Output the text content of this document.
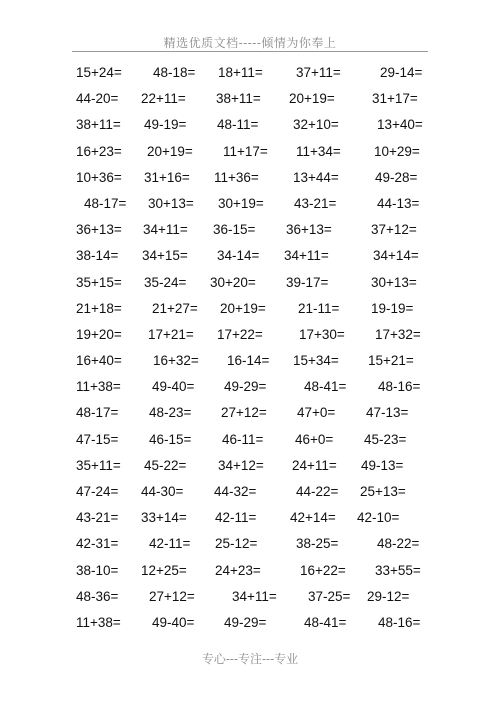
精选优质文档-----倾情为你奉上
15+24= 48-18= 18+11= 37+11=	29-14=
44-20= 22+11= 38+11= 20+19=	31+17=
38+11= 49-19= 48-11=	32+10=	13+40=
16+23= 20+19= 11+17= 11+34= 10+29=
10+36= 31+16= 11+36=	13+44=	49-28=
48-17= 30+13= 30+19= 43-21=	44-13=
36+13= 34+11= 36-15= 36+13=	37+12=
38-14= 34+15= 34-14= 34+11=	34+14=
35+15= 35-24= 30+20= 39-17=	30+13=
21+18= 21+27= 20+19= 21-11= 19-19=
19+20= 17+21= 17+22=	17+30= 17+32=
16+40= 16+32= 16-14= 15+34= 15+21=
11+38= 49-40= 49-29=	48-41= 48-16=
48-17= 48-23= 27+12= 47+0= 47-13=
47-15= 46-15= 46-11= 46+0= 45-23=
35+11= 45-22= 34+12= 24+11= 49-13=
47-24= 44-30= 44-32=	44-22= 25+13=
43-21= 33+14= 42-11= 42+14= 42-10=
42-31= 42-11= 25-12=	38-25=	48-22=
38-10= 12+25= 24+23=	16+22= 33+55=
48-36= 27+12=	34+11= 37-25= 29-12=
11+38= 49-40= 49-29=	48-41= 48-16=
专心---专注---专业
